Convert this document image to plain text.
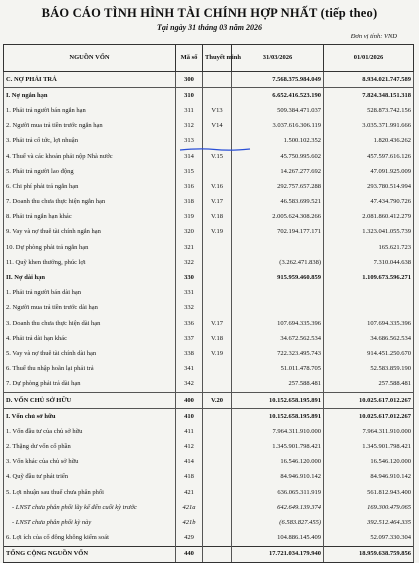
BÁO CÁO TÌNH HÌNH TÀI CHÍNH HỢP NHẤT (tiếp theo)
Tại ngày 31 tháng 03 năm 2026
Đơn vị tính: VND
NGUỒN VỐN	Mã số	Thuyết minh	31/03/2026	01/01/2026
C. NỢ PHẢI TRẢ	300		7.568.375.984.049	8.934.021.747.589
I. Nợ ngắn hạn	310		6.652.416.523.190	7.824.348.151.318
1. Phải trả người bán ngắn hạn	311	V13	509.384.471.037	528.873.742.156
2. Người mua trả tiền trước ngắn hạn	312	V14	3.037.616.306.119	3.035.371.991.666
3. Phải trả cổ tức, lợi nhuận	313		1.500.102.352	1.820.436.262
4. Thuế và các khoản phải nộp Nhà nước	314	V.15	45.750.995.602	457.597.616.126
5. Phải trả người lao động	315		14.267.277.692	47.091.925.009
6. Chi phí phải trả ngắn hạn	316	V.16	292.757.657.288	293.780.514.994
7. Doanh thu chưa thực hiện ngắn hạn	318	V.17	46.583.699.521	47.434.790.726
8. Phải trả ngắn hạn khác	319	V.18	2.005.624.308.266	2.081.860.412.279
9. Vay và nợ thuê tài chính ngắn hạn	320	V.19	702.194.177.171	1.323.041.055.739
10. Dự phòng phải trả ngắn hạn	321			165.621.723
11. Quỹ khen thưởng, phúc lợi	322		(3.262.471.838)	7.310.044.638
II. Nợ dài hạn	330		915.959.460.859	1.109.673.596.271
1. Phải trả người bán dài hạn	331			
2. Người mua trả tiền trước dài hạn	332			
3. Doanh thu chưa thực hiện dài hạn	336	V.17	107.694.335.396	107.694.335.396
4. Phải trả dài hạn khác	337	V.18	34.672.562.534	34.686.562.534
5. Vay và nợ thuê tài chính dài hạn	338	V.19	722.323.495.743	914.451.250.670
6. Thuế thu nhập hoãn lại phải trả	341		51.011.478.705	52.583.859.190
7. Dự phòng phải trả dài hạn	342		257.588.481	257.588.481
D. VỐN CHỦ SỞ HỮU	400	V.20	10.152.658.195.891	10.025.617.012.267
I. Vốn chủ sở hữu	410		10.152.658.195.891	10.025.617.012.267
1. Vốn đầu tư của chủ sở hữu	411		7.964.311.910.000	7.964.311.910.000
2. Thặng dư vốn cổ phần	412		1.345.901.798.421	1.345.901.798.421
3. Vốn khác của chủ sở hữu	414		16.546.120.000	16.546.120.000
4. Quỹ đầu tư phát triển	418		84.946.910.142	84.946.910.142
5. Lợi nhuận sau thuế chưa phân phối	421		636.065.311.919	561.812.943.400
- LNST chưa phân phối lũy kế đến cuối kỳ trước	421a		642.649.139.374	169.300.479.065
- LNST chưa phân phối kỳ này	421b		(6.583.827.455)	392.512.464.335
6. Lợi ích của cổ đông không kiểm soát	429		104.886.145.409	52.097.330.304
TỔNG CỘNG NGUỒN VỐN	440		17.721.034.179.940	18.959.638.759.856
